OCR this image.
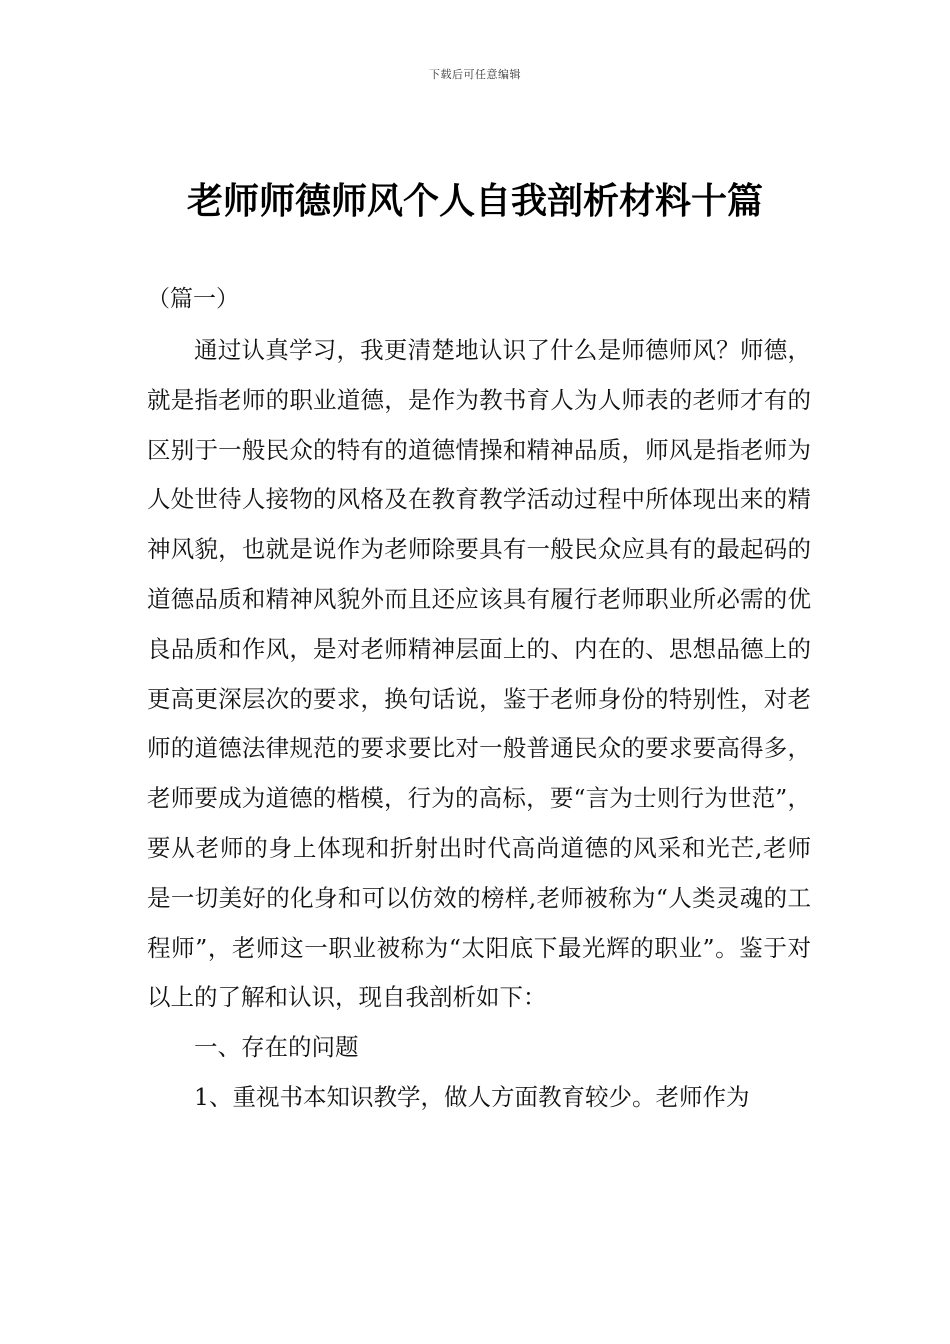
下载后可任意编辑
老师师德师风个人自我剖析材料十篇
（篇一）

通过认真学习，我更清楚地认识了什么是师德师风？师德，就是指老师的职业道德，是作为教书育人为人师表的老师才有的区别于一般民众的特有的道德情操和精神品质，师风是指老师为人处世待人接物的风格及在教育教学活动过程中所体现出来的精神风貌，也就是说作为老师除要具有一般民众应具有的最起码的道德品质和精神风貌外而且还应该具有履行老师职业所必需的优良品质和作风，是对老师精神层面上的、内在的、思想品德上的更高更深层次的要求，换句话说，鉴于老师身份的特别性，对老师的道德法律规范的要求要比对一般普通民众的要求要高得多，老师要成为道德的楷模，行为的高标，要“言为士则行为世范”，要从老师的身上体现和折射出时代高尚道德的风采和光芒,老师是一切美好的化身和可以仿效的榜样,老师被称为“人类灵魂的工程师”，老师这一职业被称为“太阳底下最光辉的职业”。鉴于对以上的了解和认识，现自我剖析如下：

一、存在的问题

1、重视书本知识教学，做人方面教育较少。老师作为
